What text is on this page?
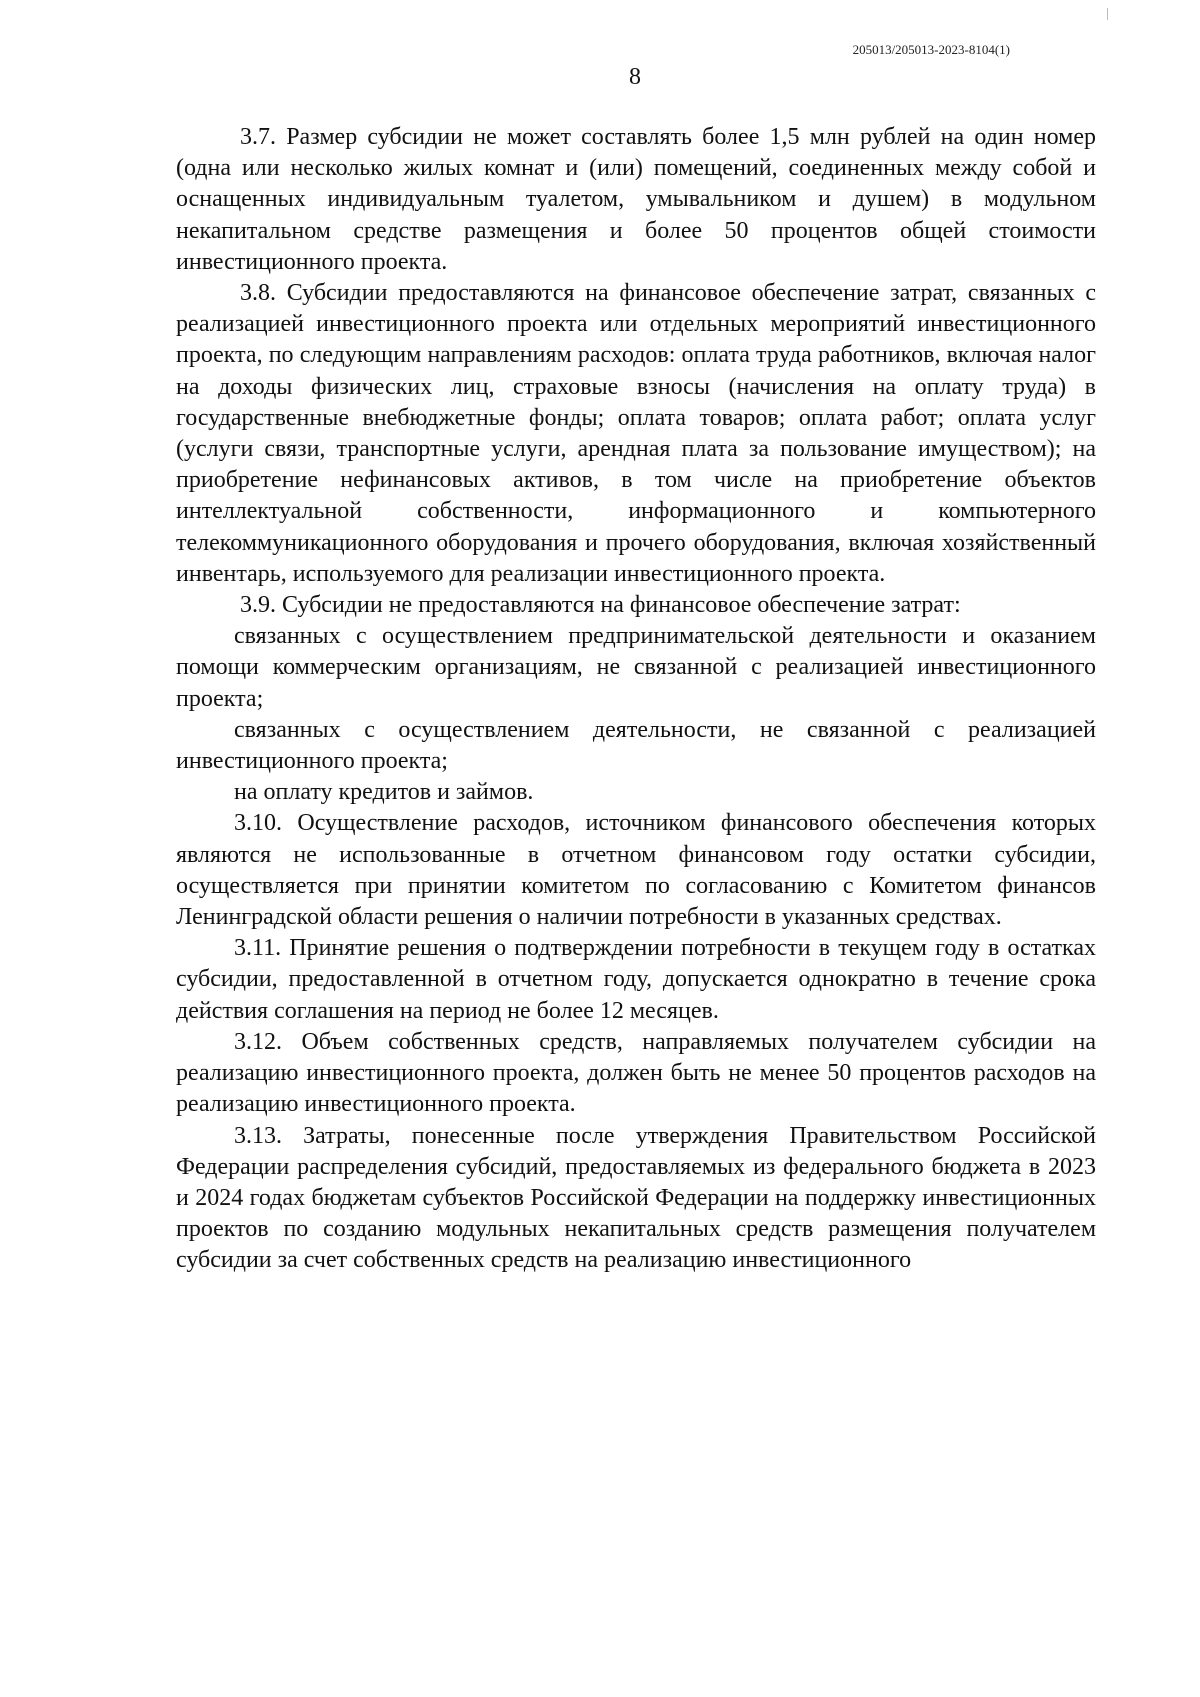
205013/205013-2023-8104(1)
8

3.7. Размер субсидии не может составлять более 1,5 млн рублей на один номер (одна или несколько жилых комнат и (или) помещений, соединенных между собой и оснащенных индивидуальным туалетом, умывальником и душем) в модульном некапитальном средстве размещения и более 50 процентов общей стоимости инвестиционного проекта.

3.8. Субсидии предоставляются на финансовое обеспечение затрат, связанных с реализацией инвестиционного проекта или отдельных мероприятий инвестиционного проекта, по следующим направлениям расходов: оплата труда работников, включая налог на доходы физических лиц, страховые взносы (начисления на оплату труда) в государственные внебюджетные фонды; оплата товаров; оплата работ; оплата услуг (услуги связи, транспортные услуги, арендная плата за пользование имуществом); на приобретение нефинансовых активов, в том числе на приобретение объектов интеллектуальной собственности, информационного и компьютерного телекоммуникационного оборудования и прочего оборудования, включая хозяйственный инвентарь, используемого для реализации инвестиционного проекта.

3.9. Субсидии не предоставляются на финансовое обеспечение затрат:

связанных с осуществлением предпринимательской деятельности и оказанием помощи коммерческим организациям, не связанной с реализацией инвестиционного проекта;

связанных с осуществлением деятельности, не связанной с реализацией инвестиционного проекта;

на оплату кредитов и займов.

3.10. Осуществление расходов, источником финансового обеспечения которых являются не использованные в отчетном финансовом году остатки субсидии, осуществляется при принятии комитетом по согласованию с Комитетом финансов Ленинградской области решения о наличии потребности в указанных средствах.

3.11. Принятие решения о подтверждении потребности в текущем году в остатках субсидии, предоставленной в отчетном году, допускается однократно в течение срока действия соглашения на период не более 12 месяцев.

3.12. Объем собственных средств, направляемых получателем субсидии на реализацию инвестиционного проекта, должен быть не менее 50 процентов расходов на реализацию инвестиционного проекта.

3.13. Затраты, понесенные после утверждения Правительством Российской Федерации распределения субсидий, предоставляемых из федерального бюджета в 2023 и 2024 годах бюджетам субъектов Российской Федерации на поддержку инвестиционных проектов по созданию модульных некапитальных средств размещения получателем субсидии за счет собственных средств на реализацию инвестиционного
